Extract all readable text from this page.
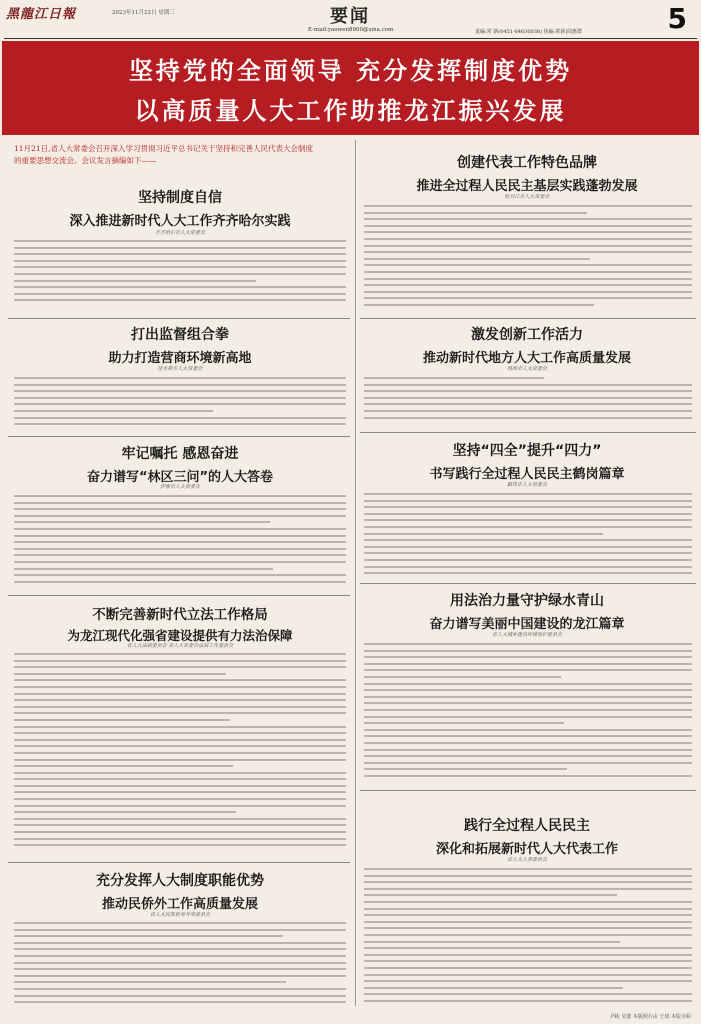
黑龍江日報	2023年11月22日 星期三	要闻
E-mail:yaowen8900@sina.com	责编:常 新(0451-84630038) 执编:常新|周惠群	5
坚持党的全面领导 充分发挥制度优势
以高质量人大工作助推龙江振兴发展
11月21日,省人大常委会召开深入学习贯彻习近平总书记关于坚持和完善人民代表大会制度的重要思想交流会。会议发言摘编如下——
坚持制度自信
深入推进新时代人大工作齐齐哈尔实践
齐齐哈尔市人大常委会
打出监督组合拳
助力打造营商环境新高地
佳木斯市人大常委会
牢记嘱托 感恩奋进
奋力谱写“林区三问”的人大答卷
伊春市人大常委会
不断完善新时代立法工作格局
为龙江现代化强省建设提供有力法治保障
省人大法制委员会 省人大常委会法制工作委员会
充分发挥人大制度职能优势
推动民侨外工作高质量发展
省人大民族侨务外事委员会
创建代表工作特色品牌
推进全过程人民民主基层实践蓬勃发展
牡丹江市人大常委会
激发创新工作活力
推动新时代地方人大工作高质量发展
鸡西市人大常委会
坚持“四全”提升“四力”
书写践行全过程人民民主鹤岗篇章
鹤岗市人大常委会
用法治力量守护绿水青山
奋力谱写美丽中国建设的龙江篇章
省人大城乡建设环境保护委员会
践行全过程人民民主
深化和拓展新时代人大代表工作
省人大人事委员会
尹栋 吴蒙 本版照片由 王琦 本版专职
